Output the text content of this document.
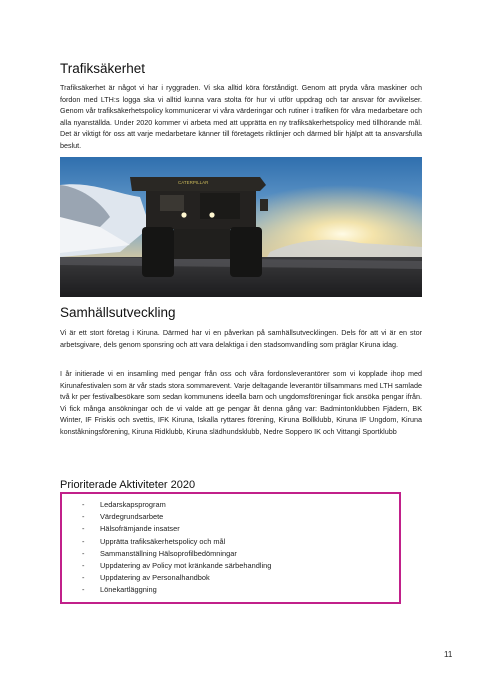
Trafiksäkerhet

Trafiksäkerhet är något vi har i ryggraden. Vi ska alltid köra förståndigt. Genom att pryda våra maskiner och fordon med LTH:s logga ska vi alltid kunna vara stolta för hur vi utför uppdrag och tar ansvar för avvikelser. Genom vår trafiksäkerhetspolicy kommunicerar vi våra värderingar och rutiner i trafiken för våra medarbetare och alla nyanställda. Under 2020 kommer vi arbeta med att upprätta en ny trafiksäkerhetspolicy med tillhörande mål. Det är viktigt för oss att varje medarbetare känner till företagets riktlinjer och därmed blir hjälpt att ta ansvarsfulla beslut.

CATERPILLAR
Samhällsutveckling

Vi är ett stort företag i Kiruna. Därmed har vi en påverkan på samhällsutvecklingen. Dels för att vi är en stor arbetsgivare, dels genom sponsring och att vara delaktiga i den stadsomvandling som präglar Kiruna idag.

I år initierade vi en insamling med pengar från oss och våra fordonsleverantörer som vi kopplade ihop med Kirunafestivalen som är vår stads stora sommarevent. Varje deltagande leverantör tillsammans med LTH samlade två kr per festivalbesökare som sedan kommunens ideella barn och ungdomsföreningar fick ansöka pengar ifrån. Vi fick många ansökningar och de vi valde att ge pengar åt denna gång var: Badmintonklubben Fjädern, BK Winter, IF Friskis och svettis, IFK Kiruna, Iskalla ryttares förening, Kiruna Bollklubb, Kiruna IF Ungdom, Kiruna konståkningsförening, Kiruna Ridklubb, Kiruna slädhundsklubb, Nedre Soppero IK och Vittangi Sportklubb

Prioriterade Aktiviteter 2020
- Ledarskapsprogram
- Värdegrundsarbete
- Hälsofrämjande insatser
- Upprätta trafiksäkerhetspolicy och mål
- Sammanställning Hälsoprofilbedömningar
- Uppdatering av Policy mot kränkande särbehandling
- Uppdatering av Personalhandbok
- Lönekartläggning
11
